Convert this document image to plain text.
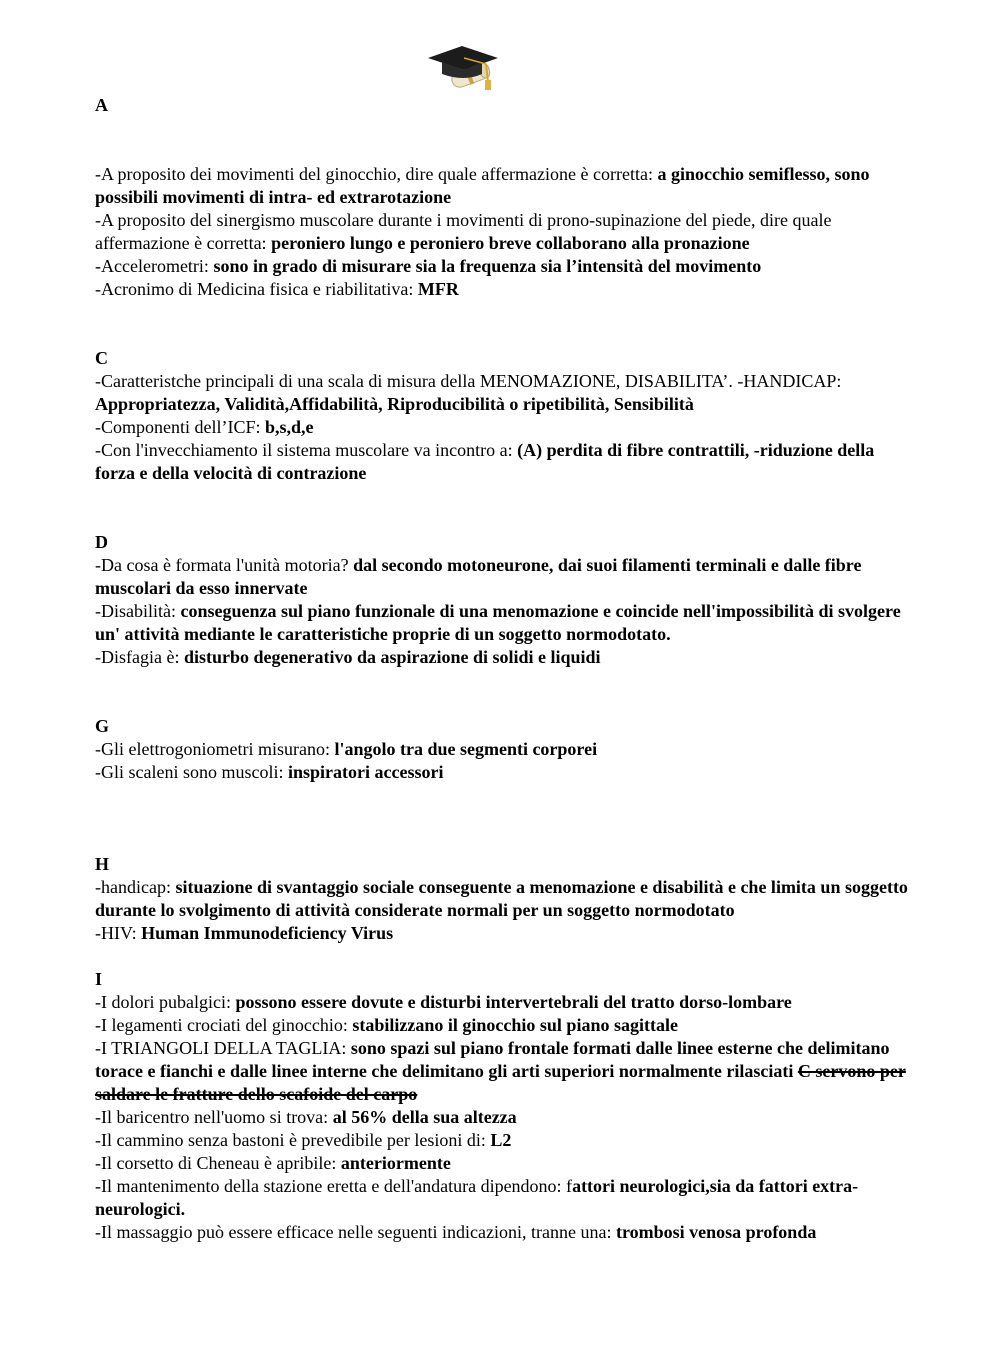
A

-A proposito dei movimenti del ginocchio, dire quale affermazione è corretta: a ginocchio semiflesso, sono possibili movimenti di intra- ed extrarotazione

-A proposito del sinergismo muscolare durante i movimenti di prono-supinazione del piede, dire quale affermazione è corretta: peroniero lungo e peroniero breve collaborano alla pronazione

-Accelerometri: sono in grado di misurare sia la frequenza sia l’intensità del movimento

-Acronimo di Medicina fisica e riabilitativa: MFR

C

-Caratteristche principali di una scala di misura della MENOMAZIONE, DISABILITA’. -HANDICAP: Appropriatezza, Validità,Affidabilità, Riproducibilità o ripetibilità, Sensibilità

-Componenti dell’ICF: b,s,d,e

-Con l'invecchiamento il sistema muscolare va incontro a: (A) perdita di fibre contrattili, -riduzione della forza e della velocità di contrazione

D

-Da cosa è formata l'unità motoria? dal secondo motoneurone, dai suoi filamenti terminali e dalle fibre muscolari da esso innervate

-Disabilità: conseguenza sul piano funzionale di una menomazione e coincide nell'impossibilità di svolgere un' attività mediante le caratteristiche proprie di un soggetto normodotato.

-Disfagia è: disturbo degenerativo da aspirazione di solidi e liquidi

G

-Gli elettrogoniometri misurano: l'angolo tra due segmenti corporei

-Gli scaleni sono muscoli: inspiratori accessori

H

-handicap: situazione di svantaggio sociale conseguente a menomazione e disabilità e che limita un soggetto durante lo svolgimento di attività considerate normali per un soggetto normodotato

-HIV: Human Immunodeficiency Virus

I

-I dolori pubalgici: possono essere dovute e disturbi intervertebrali del tratto dorso-lombare

-I legamenti crociati del ginocchio: stabilizzano il ginocchio sul piano sagittale

-I TRIANGOLI DELLA TAGLIA: sono spazi sul piano frontale formati dalle linee esterne che delimitano torace e fianchi e dalle linee interne che delimitano gli arti superiori normalmente rilasciati C servono per saldare le fratture dello scafoide del carpo

-Il baricentro nell'uomo si trova: al 56% della sua altezza

-Il cammino senza bastoni è prevedibile per lesioni di: L2

-Il corsetto di Cheneau è apribile: anteriormente

-Il mantenimento della stazione eretta e dell'andatura dipendono: fattori neurologici,sia da fattori extra-neurologici.

-Il massaggio può essere efficace nelle seguenti indicazioni, tranne una: trombosi venosa profonda
